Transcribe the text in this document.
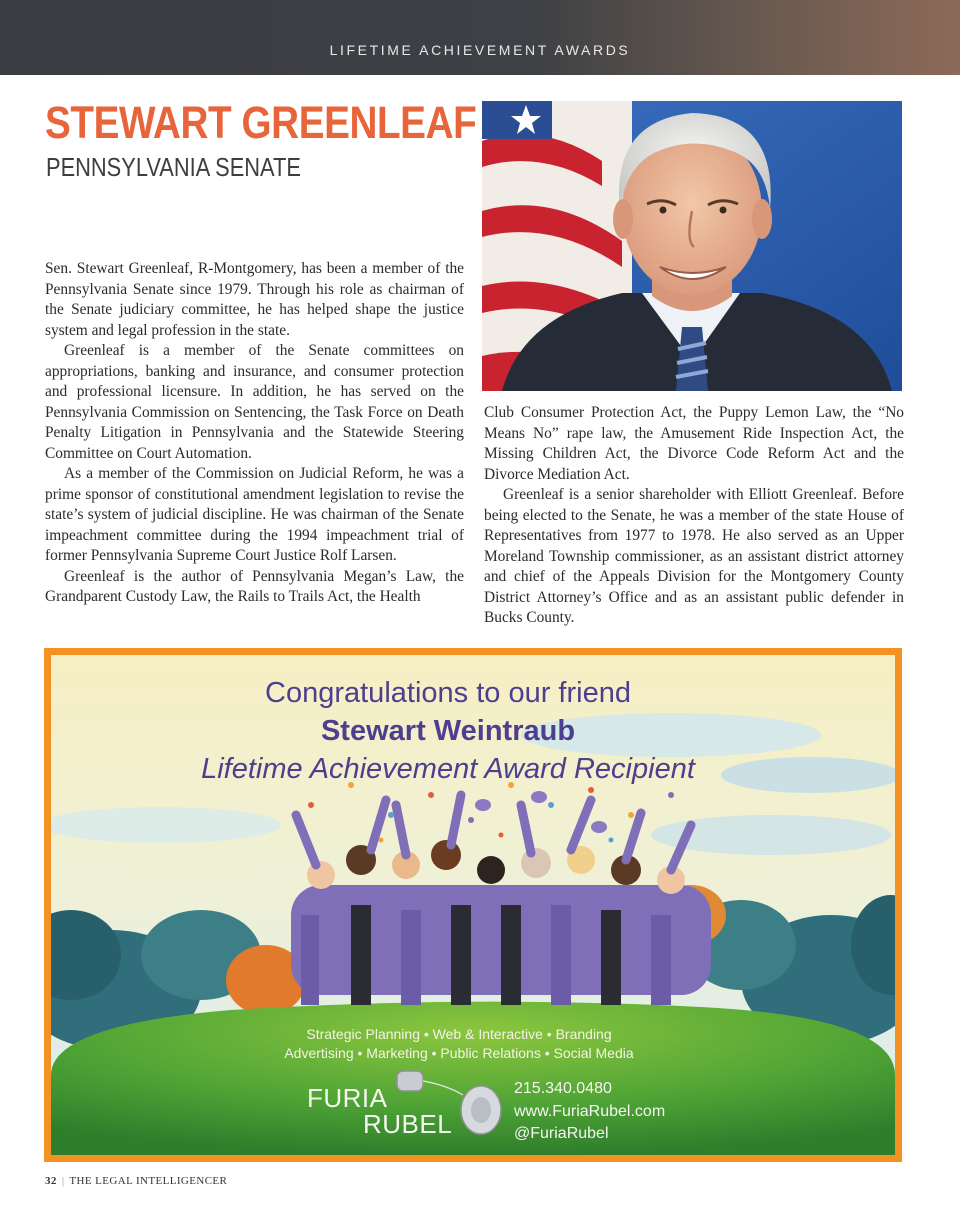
LIFETIME ACHIEVEMENT AWARDS
STEWART GREENLEAF
PENNSYLVANIA SENATE

Sen. Stewart Greenleaf, R-Montgomery, has been a member of the Pennsylvania Senate since 1979. Through his role as chairman of the Senate judiciary committee, he has helped shape the justice system and legal profession in the state.

Greenleaf is a member of the Senate committees on appropriations, banking and insurance, and consumer protection and professional licensure. In addition, he has served on the Pennsylvania Commission on Sentencing, the Task Force on Death Penalty Litigation in Pennsylvania and the Statewide Steering Committee on Court Automation.

As a member of the Commission on Judicial Reform, he was a prime sponsor of constitutional amendment legislation to revise the state’s system of judicial discipline. He was chairman of the Senate impeachment committee during the 1994 impeachment trial of former Pennsylvania Supreme Court Justice Rolf Larsen.

Greenleaf is the author of Pennsylvania Megan’s Law, the Grandparent Custody Law, the Rails to Trails Act, the Health

Club Consumer Protection Act, the Puppy Lemon Law, the “No Means No” rape law, the Amusement Ride Inspection Act, the Missing Children Act, the Divorce Code Reform Act and the Divorce Mediation Act.

Greenleaf is a senior shareholder with Elliott Greenleaf. Before being elected to the Senate, he was a member of the state House of Representatives from 1977 to 1978. He also served as an Upper Moreland Township commissioner, as an assistant district attorney and chief of the Appeals Division for the Montgomery County District Attorney’s Office and as an assistant public defender in Bucks County.

Congratulations to our friend
Stewart Weintraub
Lifetime Achievement Award Recipient
Strategic Planning • Web & Interactive • Branding
Advertising • Marketing • Public Relations • Social Media
FURIA
RUBEL
215.340.0480
www.FuriaRubel.com
@FuriaRubel
32 | THE LEGAL INTELLIGENCER
